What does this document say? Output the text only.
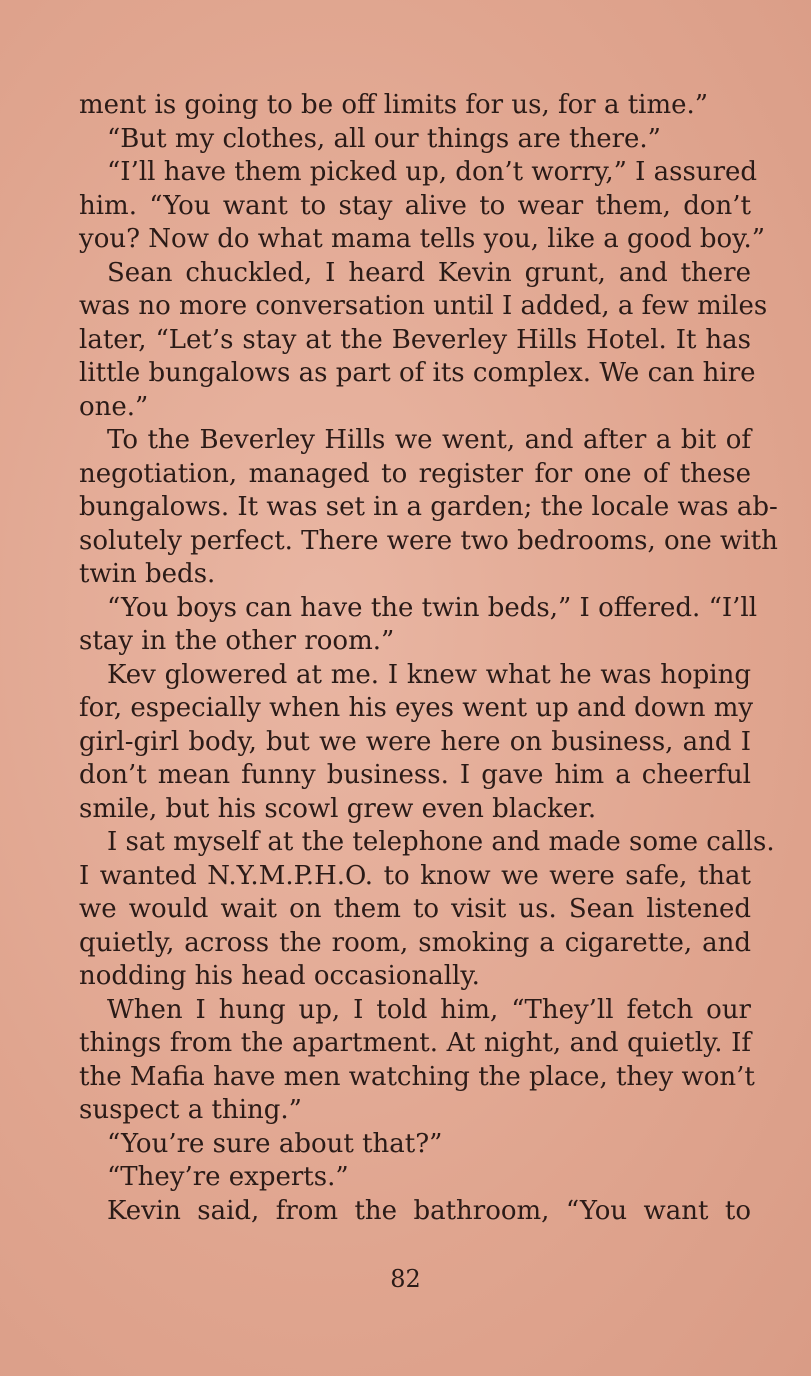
ment is going to be off limits for us, for a time.”
“But my clothes, all our things are there.”
“I’ll have them picked up, don’t worry,” I assured
him. “You want to stay alive to wear them, don’t
you? Now do what mama tells you, like a good boy.”
Sean chuckled, I heard Kevin grunt, and there
was no more conversation until I added, a few miles
later, “Let’s stay at the Beverley Hills Hotel. It has
little bungalows as part of its complex. We can hire
one.”
To the Beverley Hills we went, and after a bit of
negotiation, managed to register for one of these
bungalows. It was set in a garden; the locale was ab-
solutely perfect. There were two bedrooms, one with
twin beds.
“You boys can have the twin beds,” I offered. “I’ll
stay in the other room.”
Kev glowered at me. I knew what he was hoping
for, especially when his eyes went up and down my
girl-girl body, but we were here on business, and I
don’t mean funny business. I gave him a cheerful
smile, but his scowl grew even blacker.
I sat myself at the telephone and made some calls.
I wanted N.Y.M.P.H.O. to know we were safe, that
we would wait on them to visit us. Sean listened
quietly, across the room, smoking a cigarette, and
nodding his head occasionally.
When I hung up, I told him, “They’ll fetch our
things from the apartment. At night, and quietly. If
the Mafia have men watching the place, they won’t
suspect a thing.”
“You’re sure about that?”
“They’re experts.”
Kevin said, from the bathroom, “You want to
82
